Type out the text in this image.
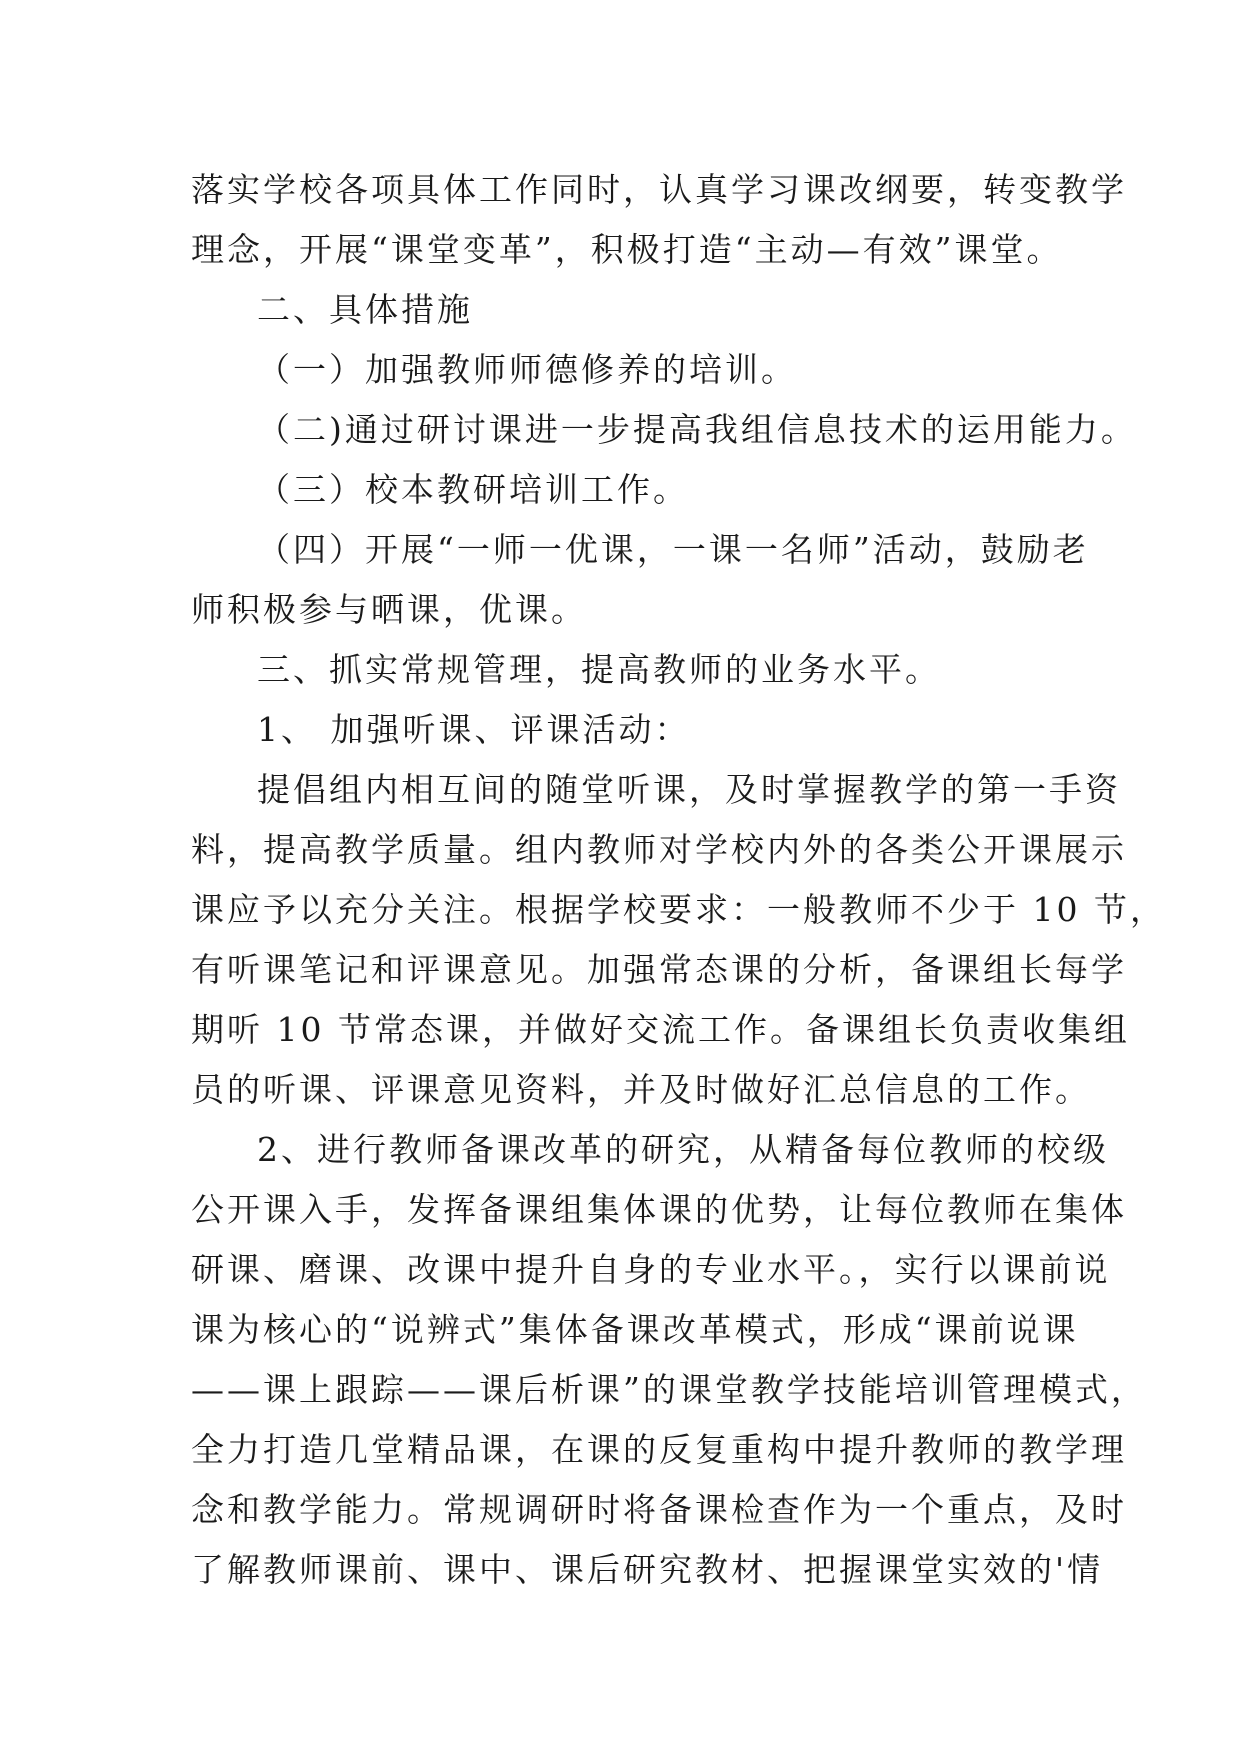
落实学校各项具体工作同时，认真学习课改纲要，转变教学
理念，开展“课堂变革”，积极打造“主动—有效”课堂。
二、具体措施
（一）加强教师师德修养的培训。
（二)通过研讨课进一步提高我组信息技术的运用能力。
（三）校本教研培训工作。
（四）开展“一师一优课，一课一名师”活动，鼓励老
师积极参与晒课，优课。
三、抓实常规管理，提高教师的业务水平。
1、 加强听课、评课活动：
提倡组内相互间的随堂听课，及时掌握教学的第一手资
料，提高教学质量。组内教师对学校内外的各类公开课展示
课应予以充分关注。根据学校要求：一般教师不少于 10 节，
有听课笔记和评课意见。加强常态课的分析，备课组长每学
期听 10 节常态课，并做好交流工作。备课组长负责收集组
员的听课、评课意见资料，并及时做好汇总信息的工作。
2、进行教师备课改革的研究，从精备每位教师的校级
公开课入手，发挥备课组集体课的优势，让每位教师在集体
研课、磨课、改课中提升自身的专业水平。，实行以课前说
课为核心的“说辨式”集体备课改革模式，形成“课前说课
——课上跟踪——课后析课”的课堂教学技能培训管理模式，
全力打造几堂精品课，在课的反复重构中提升教师的教学理
念和教学能力。常规调研时将备课检查作为一个重点，及时
了解教师课前、课中、课后研究教材、把握课堂实效的'情
